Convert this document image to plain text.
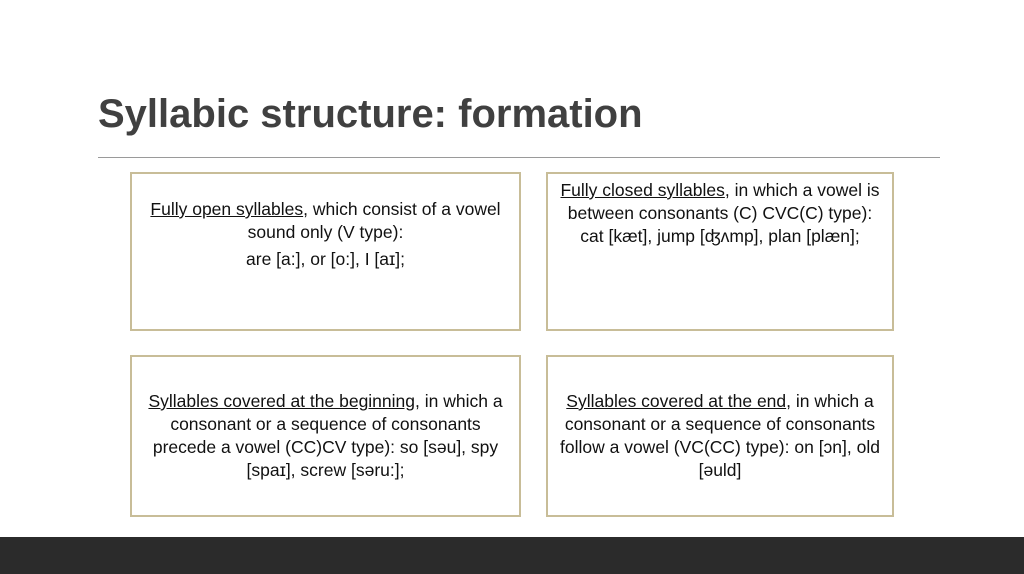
Syllabic structure: formation

Fully open syllables, which consist of a vowel sound only (V type):

are [a:], or [o:], I [aɪ];

Fully closed syllables, in which a vowel is between consonants (C) CVC(C) type):

cat [kæt], jump [ʤʌmp], plan [plæn];

Syllables covered at the beginning, in which a consonant or a sequence of consonants precede a vowel (CC)CV type): so [səu], spy [spaɪ], screw [səru:];

Syllables covered at the end, in which a consonant or a sequence of consonants follow a vowel (VC(CC) type): on [ɔn], old [əuld]
